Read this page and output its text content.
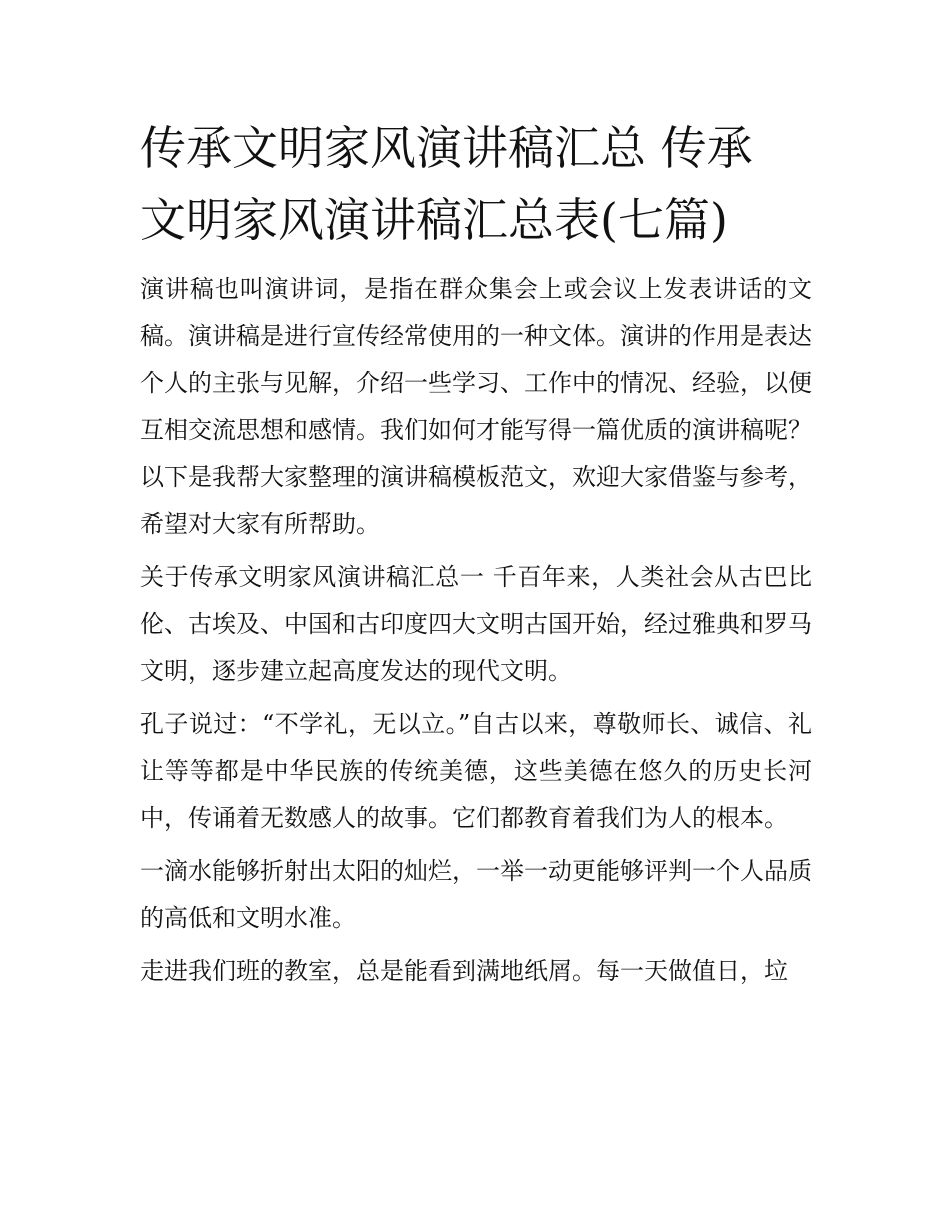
传承文明家风演讲稿汇总 传承
文明家风演讲稿汇总表(七篇)

演讲稿也叫演讲词，是指在群众集会上或会议上发表讲话的文稿。演讲稿是进行宣传经常使用的一种文体。演讲的作用是表达个人的主张与见解，介绍一些学习、工作中的情况、经验，以便互相交流思想和感情。我们如何才能写得一篇优质的演讲稿呢？以下是我帮大家整理的演讲稿模板范文，欢迎大家借鉴与参考，希望对大家有所帮助。

关于传承文明家风演讲稿汇总一 千百年来，人类社会从古巴比伦、古埃及、中国和古印度四大文明古国开始，经过雅典和罗马文明，逐步建立起高度发达的现代文明。

孔子说过：“不学礼，无以立。”自古以来，尊敬师长、诚信、礼让等等都是中华民族的传统美德，这些美德在悠久的历史长河中，传诵着无数感人的故事。它们都教育着我们为人的根本。

一滴水能够折射出太阳的灿烂，一举一动更能够评判一个人品质的高低和文明水准。

走进我们班的教室，总是能看到满地纸屑。每一天做值日，垃
